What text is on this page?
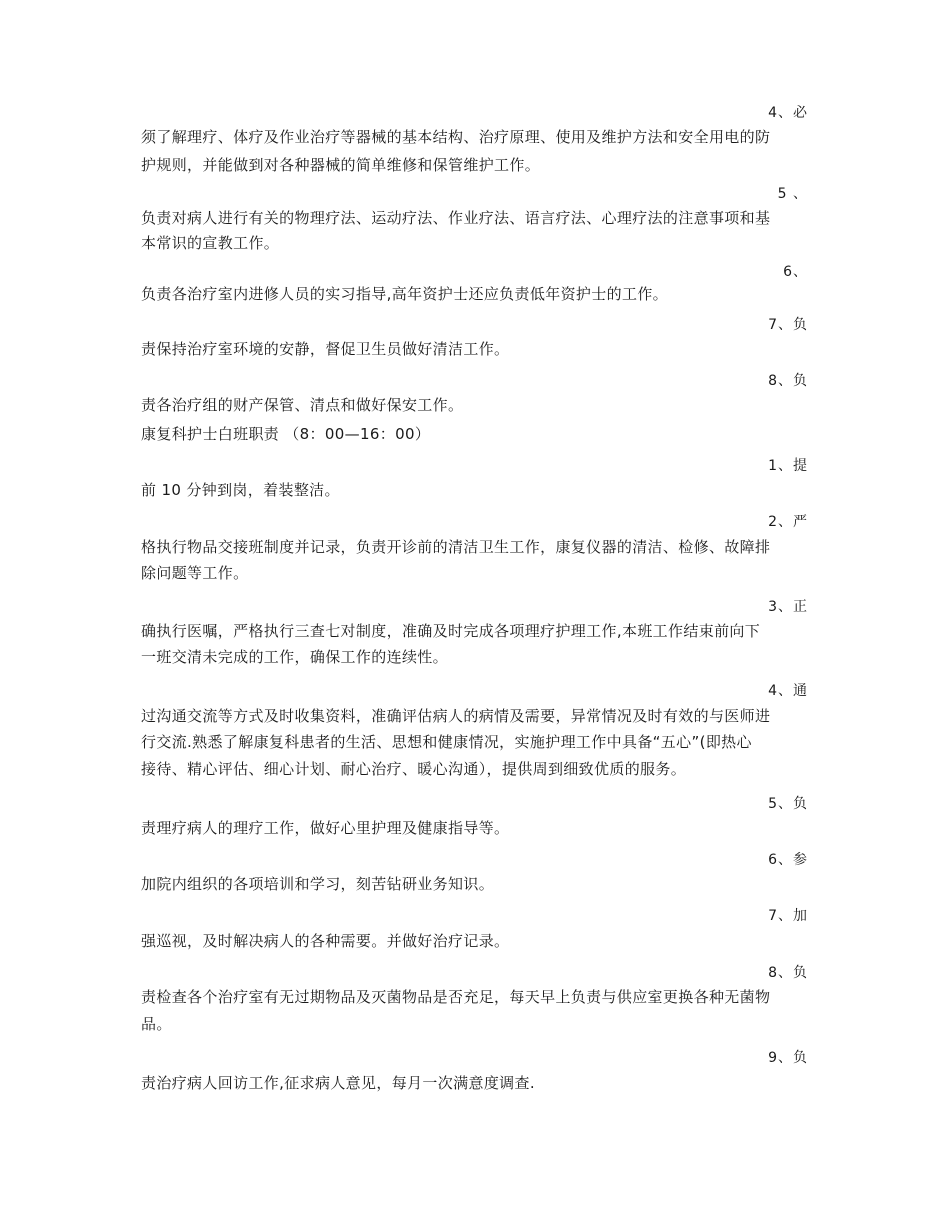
4、必
须了解理疗、体疗及作业治疗等器械的基本结构、治疗原理、使用及维护方法和安全用电的防
护规则，并能做到对各种器械的简单维修和保管维护工作。
5 、
负责对病人进行有关的物理疗法、运动疗法、作业疗法、语言疗法、心理疗法的注意事项和基
本常识的宣教工作。
6、
负责各治疗室内进修人员的实习指导,高年资护士还应负责低年资护士的工作。
7、负
责保持治疗室环境的安静，督促卫生员做好清洁工作。
8、负
责各治疗组的财产保管、清点和做好保安工作。
康复科护士白班职责 （8：00—16：00）
1、提
前 10 分钟到岗，着装整洁。
2、严
格执行物品交接班制度并记录，负责开诊前的清洁卫生工作，康复仪器的清洁、检修、故障排
除问题等工作。
3、正
确执行医嘱，严格执行三查七对制度，准确及时完成各项理疗护理工作,本班工作结束前向下
一班交清未完成的工作，确保工作的连续性。
4、通
过沟通交流等方式及时收集资料，准确评估病人的病情及需要，异常情况及时有效的与医师进
行交流.熟悉了解康复科患者的生活、思想和健康情况，实施护理工作中具备“五心”(即热心
接待、精心评估、细心计划、耐心治疗、暖心沟通），提供周到细致优质的服务。
5、负
责理疗病人的理疗工作，做好心里护理及健康指导等。
6、参
加院内组织的各项培训和学习，刻苦钻研业务知识。
7、加
强巡视，及时解决病人的各种需要。并做好治疗记录。
8、负
责检查各个治疗室有无过期物品及灭菌物品是否充足，每天早上负责与供应室更换各种无菌物
品。
9、负
责治疗病人回访工作,征求病人意见，每月一次满意度调查.
